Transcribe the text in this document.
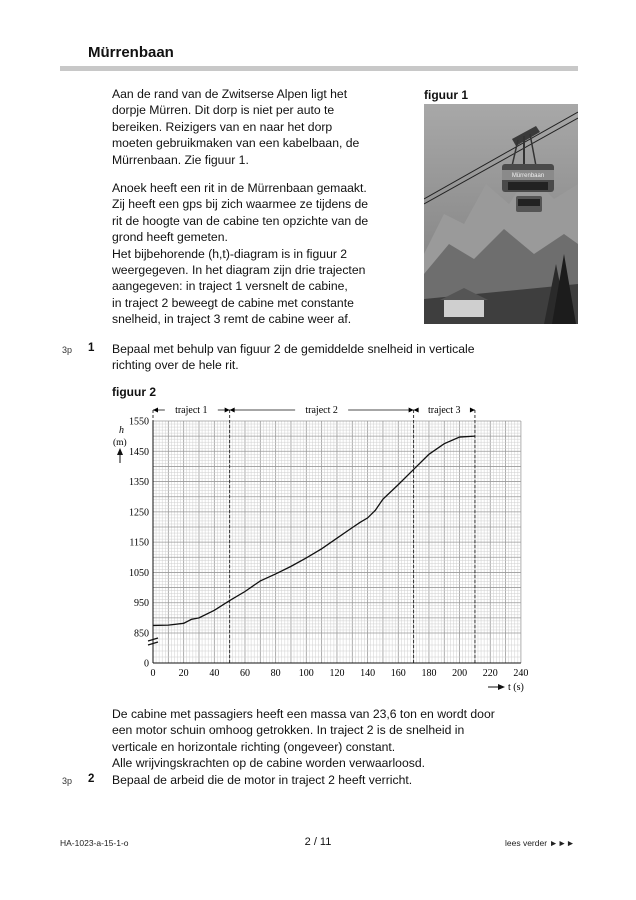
Mürrenbaan

Aan de rand van de Zwitserse Alpen ligt het

dorpje Mürren. Dit dorp is niet per auto te

bereiken. Reizigers van en naar het dorp

moeten gebruikmaken van een kabelbaan, de

Mürrenbaan. Zie figuur 1.

Anoek heeft een rit in de Mürrenbaan gemaakt.

Zij heeft een gps bij zich waarmee ze tijdens de

rit de hoogte van de cabine ten opzichte van de

grond heeft gemeten.

Het bijbehorende (h,t)-diagram is in figuur 2

weergegeven. In het diagram zijn drie trajecten

aangegeven: in traject 1 versnelt de cabine,

in traject 2 beweegt de cabine met constante

snelheid, in traject 3 remt de cabine weer af.

figuur 1
Mürrenbaan
3p 1 Bepaal met behulp van figuur 2 de gemiddelde snelheid in verticale
richting over de hele rit.
figuur 2
traject 1	traject 2	traject 3
0 20 40 60 80 100 120 140 160 180 200 220 240
0
850
950
1050
1150
1250
1350
1450
1550
h
(m)
t (s)
De cabine met passagiers heeft een massa van 23,6 ton en wordt door
een motor schuin omhoog getrokken. In traject 2 is de snelheid in
verticale en horizontale richting (ongeveer) constant.
Alle wrijvingskrachten op de cabine worden verwaarloosd.
3p 2 Bepaal de arbeid die de motor in traject 2 heeft verricht.
HA-1023-a-15-1-o	2 / 11	lees verder ►►►
